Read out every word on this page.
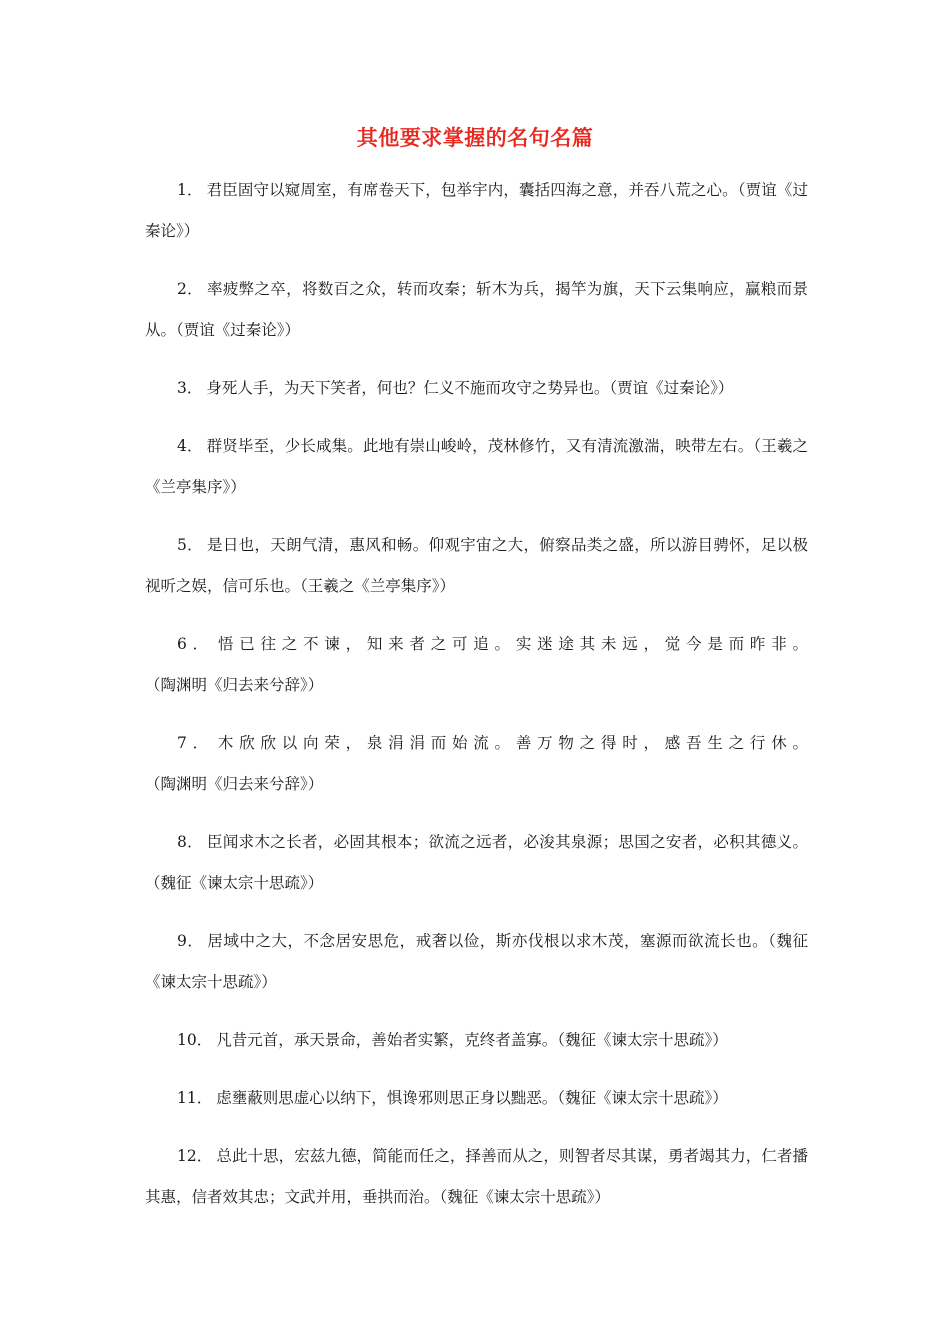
其他要求掌握的名句名篇

1． 君臣固守以窥周室，有席卷天下，包举宇内，囊括四海之意，并吞八荒之心。（贾谊《过秦论》）

2． 率疲弊之卒，将数百之众，转而攻秦；斩木为兵，揭竿为旗，天下云集响应，赢粮而景从。（贾谊《过秦论》）

3． 身死人手，为天下笑者，何也？仁义不施而攻守之势异也。（贾谊《过秦论》）

4． 群贤毕至，少长咸集。此地有崇山峻岭，茂林修竹，又有清流激湍，映带左右。（王羲之《兰亭集序》）

5． 是日也，天朗气清，惠风和畅。仰观宇宙之大，俯察品类之盛，所以游目骋怀，足以极视听之娱，信可乐也。（王羲之《兰亭集序》）

6． 悟已往之不谏，知来者之可追。实迷途其未远，觉今是而昨非。（陶渊明《归去来兮辞》）

7． 木欣欣以向荣，泉涓涓而始流。善万物之得时，感吾生之行休。（陶渊明《归去来兮辞》）

8． 臣闻求木之长者，必固其根本；欲流之远者，必浚其泉源；思国之安者，必积其德义。（魏征《谏太宗十思疏》）

9． 居域中之大，不念居安思危，戒奢以俭，斯亦伐根以求木茂，塞源而欲流长也。（魏征《谏太宗十思疏》）

10． 凡昔元首，承天景命，善始者实繁，克终者盖寡。（魏征《谏太宗十思疏》）

11． 虑壅蔽则思虚心以纳下，惧谗邪则思正身以黜恶。（魏征《谏太宗十思疏》）

12． 总此十思，宏兹九德，简能而任之，择善而从之，则智者尽其谋，勇者竭其力，仁者播其惠，信者效其忠；文武并用，垂拱而治。（魏征《谏太宗十思疏》）
